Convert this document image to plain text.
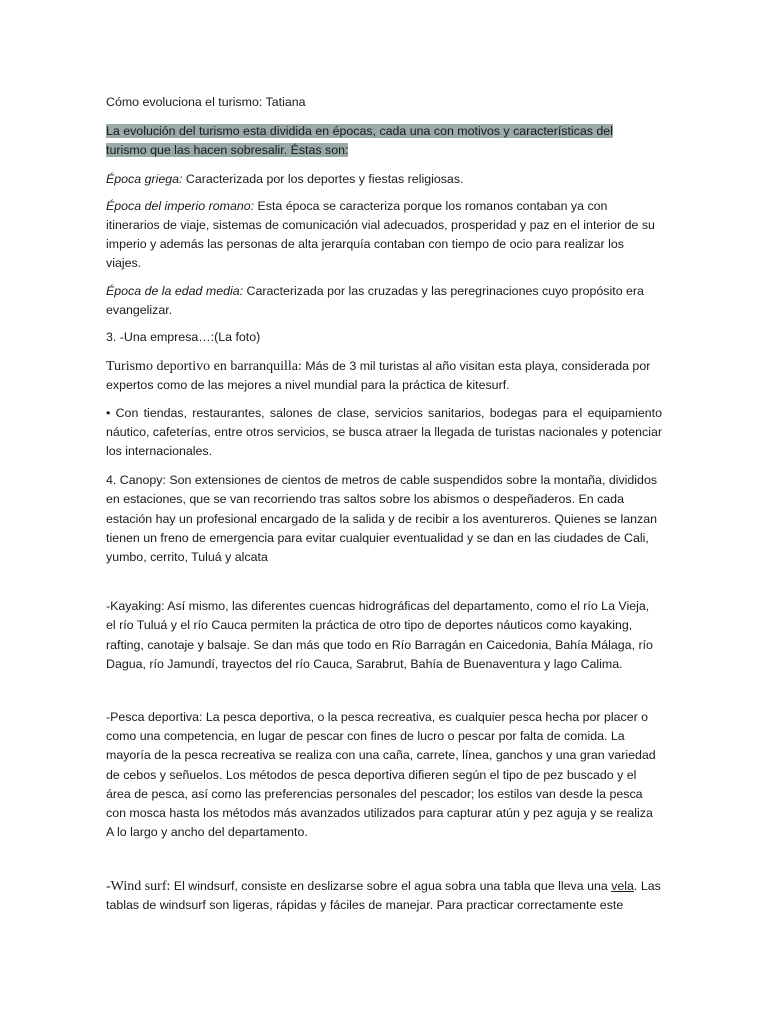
Cómo evoluciona el turismo: Tatiana

La evolución del turismo esta dividida en épocas, cada una con motivos y características del
turismo que las hacen sobresalir. Éstas son:

Época griega: Caracterizada por los deportes y fiestas religiosas.

Época del imperio romano: Esta época se caracteriza porque los romanos contaban ya con itinerarios de viaje, sistemas de comunicación vial adecuados, prosperidad y paz en el interior de su imperio y además las personas de alta jerarquía contaban con tiempo de ocio para realizar los viajes.

Época de la edad media: Caracterizada por las cruzadas y las peregrinaciones cuyo propósito era evangelizar.

3. -Una empresa…:(La foto)

Turismo deportivo en barranquilla: Más de 3 mil turistas al año visitan esta playa, considerada por expertos como de las mejores a nivel mundial para la práctica de kitesurf.

• Con tiendas, restaurantes, salones de clase, servicios sanitarios, bodegas para el equipamiento náutico, cafeterías, entre otros servicios, se busca atraer la llegada de turistas nacionales y potenciar los internacionales.

4. Canopy: Son extensiones de cientos de metros de cable suspendidos sobre la montaña, divididos en estaciones, que se van recorriendo tras saltos sobre los abismos o despeñaderos. En cada estación hay un profesional encargado de la salida y de recibir a los aventureros. Quienes se lanzan tienen un freno de emergencia para evitar cualquier eventualidad y se dan en las ciudades de Cali, yumbo, cerrito, Tuluá y alcata

-Kayaking: Así mismo, las diferentes cuencas hidrográficas del departamento, como el río La Vieja, el río Tuluá y el río Cauca permiten la práctica de otro tipo de deportes náuticos como kayaking, rafting, canotaje y balsaje. Se dan más que todo en Río Barragán en Caicedonia, Bahía Málaga, río Dagua, río Jamundí, trayectos del río Cauca, Sarabrut, Bahía de Buenaventura y lago Calima.

-Pesca deportiva: La pesca deportiva, o la pesca recreativa, es cualquier pesca hecha por placer o como una competencia, en lugar de pescar con fines de lucro o pescar por falta de comida. La mayoría de la pesca recreativa se realiza con una caña, carrete, línea, ganchos y una gran variedad de cebos y señuelos. Los métodos de pesca deportiva difieren según el tipo de pez buscado y el área de pesca, así como las preferencias personales del pescador; los estilos van desde la pesca con mosca hasta los métodos más avanzados utilizados para capturar atún y pez aguja y se realiza A lo largo y ancho del departamento.

-Wind surf: El windsurf, consiste en deslizarse sobre el agua sobra una tabla que lleva una vela. Las tablas de windsurf son ligeras, rápidas y fáciles de manejar. Para practicar correctamente este
